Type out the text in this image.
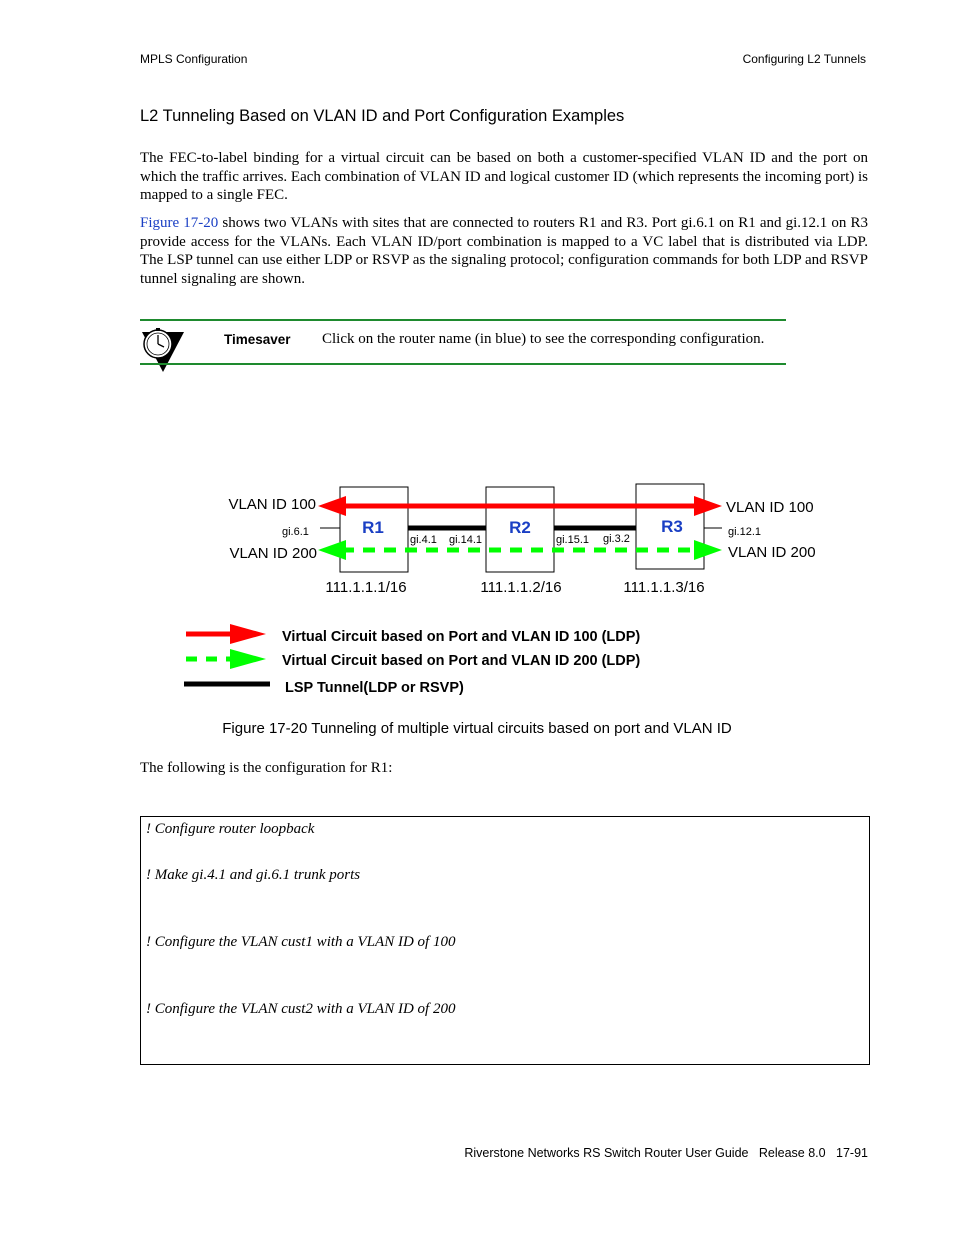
MPLS Configuration	Configuring L2 Tunnels
L2 Tunneling Based on VLAN ID and Port Configuration Examples
The FEC-to-label binding for a virtual circuit can be based on both a customer-specified VLAN ID and the port on which the traffic arrives. Each combination of VLAN ID and logical customer ID (which represents the incoming port) is mapped to a single FEC.
Figure 17-20 shows two VLANs with sites that are connected to routers R1 and R3. Port gi.6.1 on R1 and gi.12.1 on R3 provide access for the VLANs. Each VLAN ID/port combination is mapped to a VC label that is distributed via LDP. The LSP tunnel can use either LDP or RSVP as the signaling protocol; configuration commands for both LDP and RSVP tunnel signaling are shown.
Timesaver Click on the router name (in blue) to see the corresponding configuration.
R1	R2	R3
VLAN ID 100
VLAN ID 200
VLAN ID 100
VLAN ID 200
gi.6.1
gi.4.1 gi.14.1	gi.15.1 gi.3.2
gi.12.1
111.1.1.1/16	111.1.1.2/16	111.1.1.3/16
Virtual Circuit based on Port and VLAN ID 100 (LDP)
Virtual Circuit based on Port and VLAN ID 200 (LDP)
LSP Tunnel(LDP or RSVP)
Figure 17-20 Tunneling of multiple virtual circuits based on port and VLAN ID
The following is the configuration for R1:
! Configure router loopback
! Make gi.4.1 and gi.6.1 trunk ports
! Configure the VLAN cust1 with a VLAN ID of 100
! Configure the VLAN cust2 with a VLAN ID of 200
Riverstone Networks RS Switch Router User Guide   Release 8.0   17-91
